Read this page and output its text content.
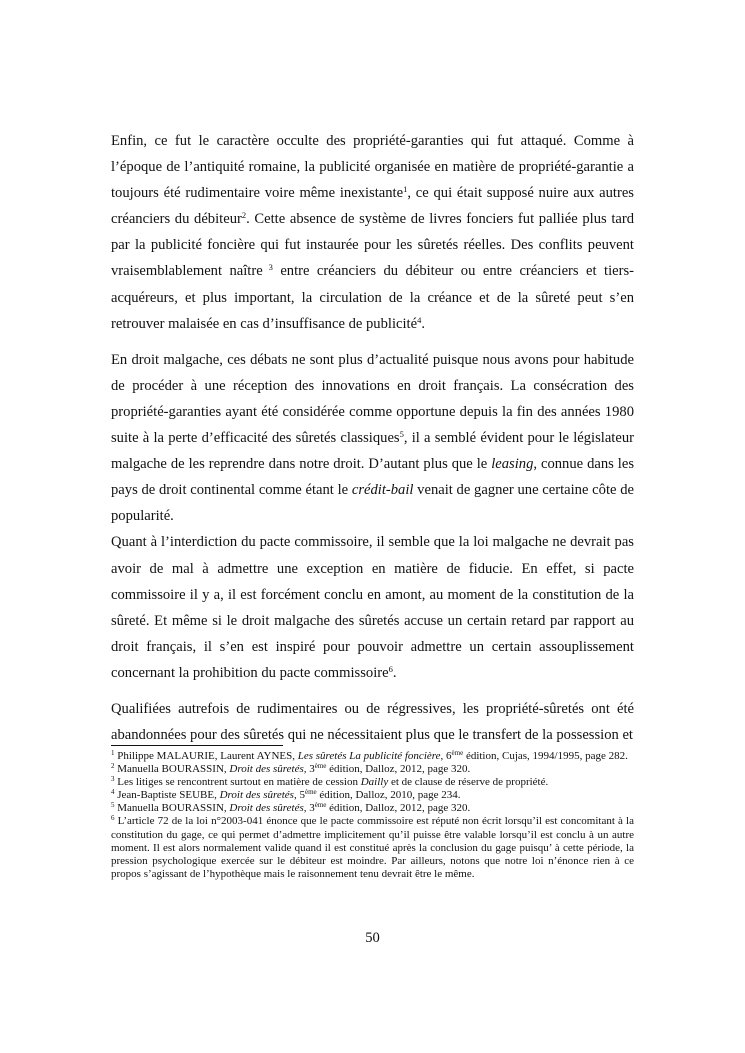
Enfin, ce fut le caractère occulte des propriété-garanties qui fut attaqué. Comme à l’époque de l’antiquité romaine, la publicité organisée en matière de propriété-garantie a toujours été rudimentaire voire même inexistante$^1$, ce qui était supposé nuire aux autres créanciers du débiteur$^2$. Cette absence de système de livres fonciers fut palliée plus tard par la publicité foncière qui fut instaurée pour les sûretés réelles. Des conflits peuvent vraisemblablement naître $^3$ entre créanciers du débiteur ou entre créanciers et tiers-acquéreurs, et plus important, la circulation de la créance et de la sûreté peut s’en retrouver malaisée en cas d’insuffisance de publicité$^4$.

En droit malgache, ces débats ne sont plus d’actualité puisque nous avons pour habitude de procéder à une réception des innovations en droit français. La consécration des propriété-garanties ayant été considérée comme opportune depuis la fin des années 1980 suite à la perte d’efficacité des sûretés classiques$^5$, il a semblé évident pour le législateur malgache de les reprendre dans notre droit. D’autant plus que le leasing, connue dans les pays de droit continental comme étant le crédit-bail venait de gagner une certaine côte de popularité.

Quant à l’interdiction du pacte commissoire, il semble que la loi malgache ne devrait pas avoir de mal à admettre une exception en matière de fiducie. En effet, si pacte commissoire il y a, il est forcément conclu en amont, au moment de la constitution de la sûreté. Et même si le droit malgache des sûretés accuse un certain retard par rapport au droit français, il s’en est inspiré pour pouvoir admettre un certain assouplissement concernant la prohibition du pacte commissoire$^6$.

Qualifiées autrefois de rudimentaires ou de régressives, les propriété-sûretés ont été abandonnées pour des sûretés qui ne nécessitaient plus que le transfert de la possession et

$^1$ Philippe MALAURIE, Laurent AYNES, Les sûretés La publicité foncière, 6ème édition, Cujas, 1994/1995, page 282.

$^2$ Manuella BOURASSIN, Droit des sûretés, 3ème édition, Dalloz, 2012, page 320.

$^3$ Les litiges se rencontrent surtout en matière de cession Dailly et de clause de réserve de propriété.

$^4$ Jean-Baptiste SEUBE, Droit des sûretés, 5ème édition, Dalloz, 2010, page 234.

$^5$ Manuella BOURASSIN, Droit des sûretés, 3ème édition, Dalloz, 2012, page 320.

$^6$ L’article 72 de la loi n°2003-041 énonce que le pacte commissoire est réputé non écrit lorsqu’il est concomitant à la constitution du gage, ce qui permet d’admettre implicitement qu’il puisse être valable lorsqu’il est conclu à un autre moment. Il est alors normalement valide quand il est constitué après la conclusion du gage puisqu’ à cette période, la pression psychologique exercée sur le débiteur est moindre. Par ailleurs, notons que notre loi n’énonce rien à ce propos s’agissant de l’hypothèque mais le raisonnement tenu devrait être le même.

50
